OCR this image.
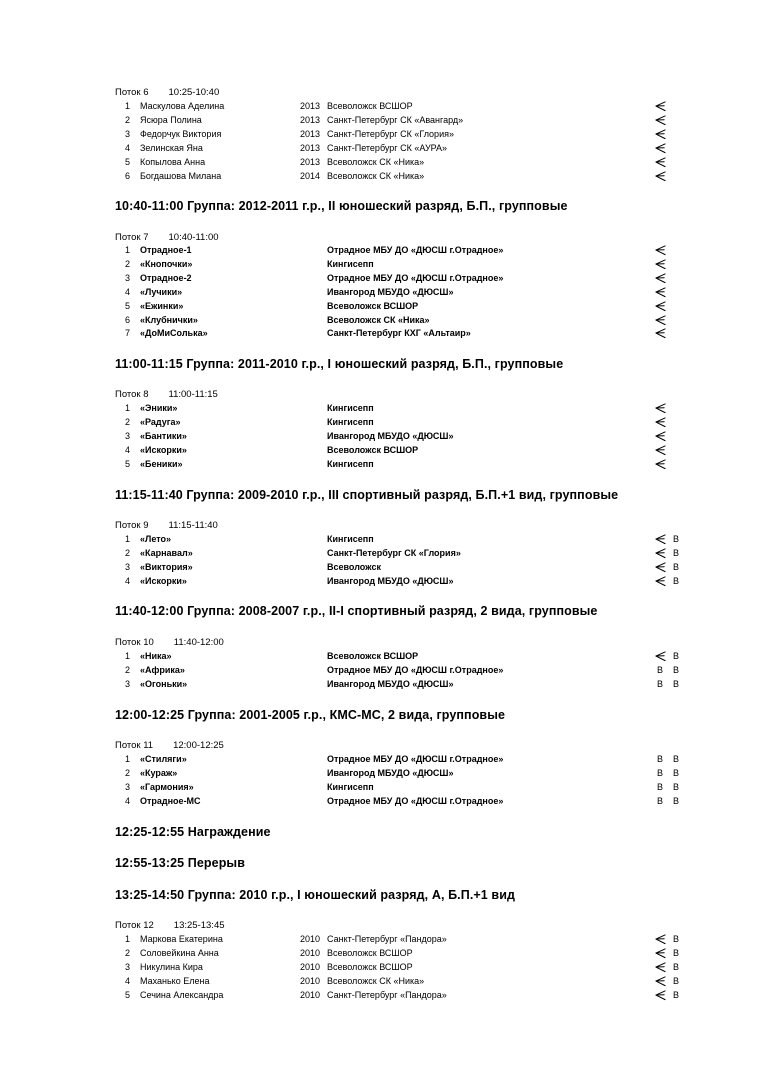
Поток 6 10:25-10:40
1 Маскулова Аделина	2013 Всеволожск ВСШОР
2 Ясюра Полина	2013 Санкт-Петербург СК «Авангард»
3 Федорчук Виктория	2013 Санкт-Петербург СК «Глория»
4 Зелинская Яна	2013 Санкт-Петербург СК «АУРА»
5 Копылова Анна	2013 Всеволожск СК «Ника»
6 Богдашова Милана	2014 Всеволожск СК «Ника»
10:40-11:00 Группа: 2012-2011 г.р., II юношеский разряд, Б.П., групповые
Поток 7 10:40-11:00
1 Отрадное-1	Отрадное МБУ ДО «ДЮСШ г.Отрадное»
2 «Кнопочки»	Кингисепп
3 Отрадное-2	Отрадное МБУ ДО «ДЮСШ г.Отрадное»
4 «Лучики»	Ивангород МБУДО «ДЮСШ»
5 «Ежинки»	Всеволожск ВСШОР
6 «Клубнички»	Всеволожск СК «Ника»
7 «ДоМиСолька»	Санкт-Петербург КХГ «Альтаир»
11:00-11:15 Группа: 2011-2010 г.р., I юношеский разряд, Б.П., групповые
Поток 8 11:00-11:15
1 «Эники»	Кингисепп
2 «Радуга»	Кингисепп
3 «Бантики»	Ивангород МБУДО «ДЮСШ»
4 «Искорки»	Всеволожск ВСШОР
5 «Беники»	Кингисепп
11:15-11:40 Группа: 2009-2010 г.р., III спортивный разряд, Б.П.+1 вид, групповые
Поток 9 11:15-11:40
1 «Лето»	Кингисепп	В
2 «Карнавал»	Санкт-Петербург СК «Глория»	В
3 «Виктория»	Всеволожск	В
4 «Искорки»	Ивангород МБУДО «ДЮСШ»	В
11:40-12:00 Группа: 2008-2007 г.р., II-I спортивный разряд, 2 вида, групповые
Поток 10 11:40-12:00
1 «Ника»	Всеволожск ВСШОР	В
2 «Африка»	Отрадное МБУ ДО «ДЮСШ г.Отрадное»	В	В
3 «Огоньки»	Ивангород МБУДО «ДЮСШ»	В	В
12:00-12:25 Группа: 2001-2005 г.р., КМС-МС, 2 вида, групповые
Поток 11 12:00-12:25
1 «Стиляги»	Отрадное МБУ ДО «ДЮСШ г.Отрадное»	В	В
2 «Кураж»	Ивангород МБУДО «ДЮСШ»	В	В
3 «Гармония»	Кингисепп	В	В
4 Отрадное-МС	Отрадное МБУ ДО «ДЮСШ г.Отрадное»	В	В
12:25-12:55 Награждение
12:55-13:25 Перерыв
13:25-14:50 Группа: 2010 г.р., I юношеский разряд, А, Б.П.+1 вид
Поток 12 13:25-13:45
1 Маркова Екатерина	2010 Санкт-Петербург «Пандора»	В
2 Соловейкина Анна	2010 Всеволожск ВСШОР	В
3 Никулина Кира	2010 Всеволожск ВСШОР	В
4 Маханько Елена	2010 Всеволожск СК «Ника»	В
5 Сечина Александра	2010 Санкт-Петербург «Пандора»	В
